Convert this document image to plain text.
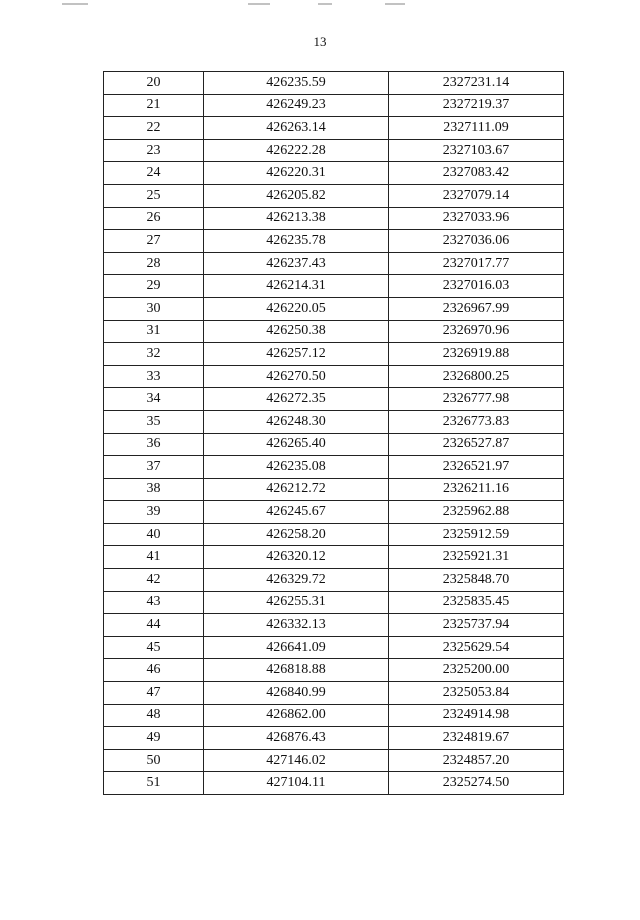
13
20	426235.59	2327231.14
21	426249.23	2327219.37
22	426263.14	2327111.09
23	426222.28	2327103.67
24	426220.31	2327083.42
25	426205.82	2327079.14
26	426213.38	2327033.96
27	426235.78	2327036.06
28	426237.43	2327017.77
29	426214.31	2327016.03
30	426220.05	2326967.99
31	426250.38	2326970.96
32	426257.12	2326919.88
33	426270.50	2326800.25
34	426272.35	2326777.98
35	426248.30	2326773.83
36	426265.40	2326527.87
37	426235.08	2326521.97
38	426212.72	2326211.16
39	426245.67	2325962.88
40	426258.20	2325912.59
41	426320.12	2325921.31
42	426329.72	2325848.70
43	426255.31	2325835.45
44	426332.13	2325737.94
45	426641.09	2325629.54
46	426818.88	2325200.00
47	426840.99	2325053.84
48	426862.00	2324914.98
49	426876.43	2324819.67
50	427146.02	2324857.20
51	427104.11	2325274.50
